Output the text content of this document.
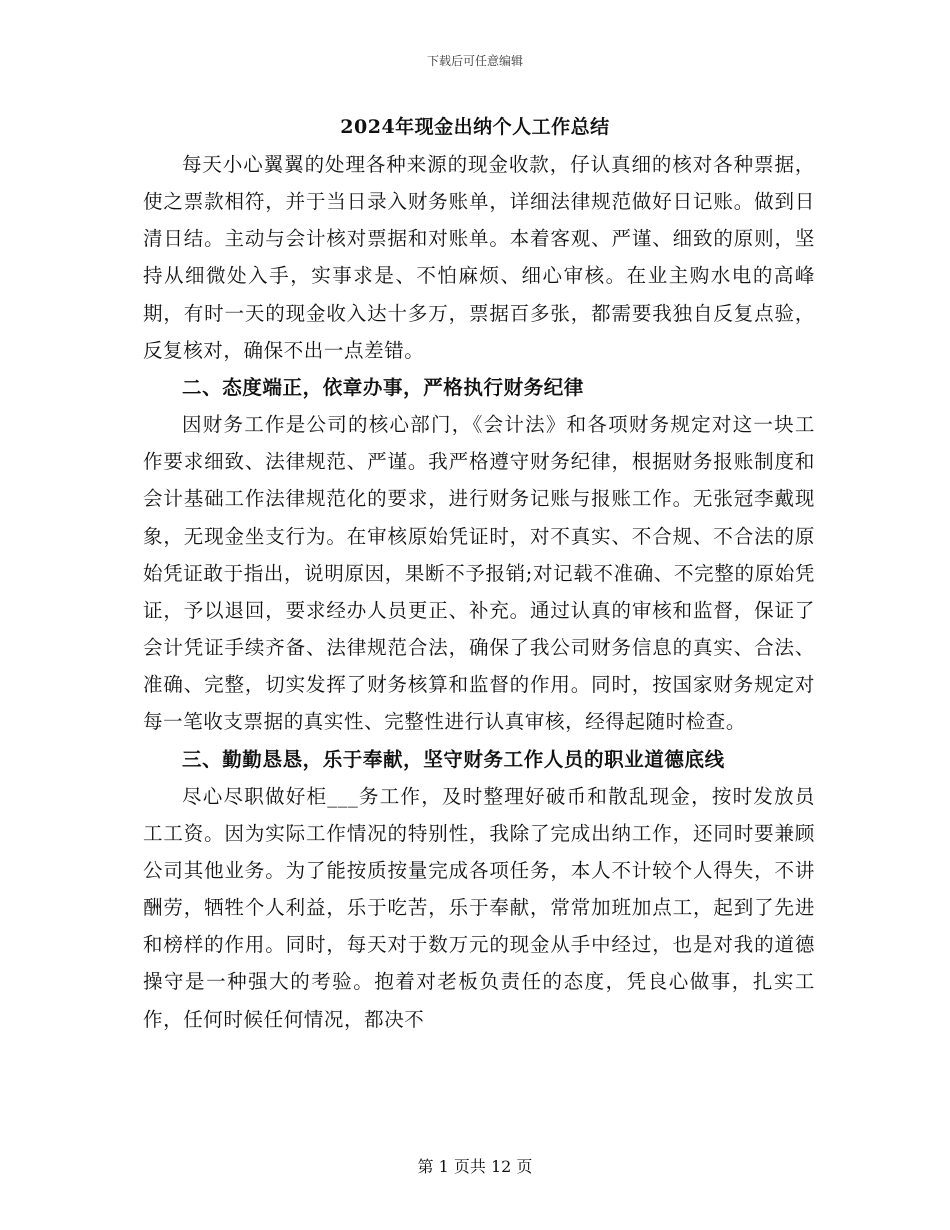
下载后可任意编辑
2024年现金出纳个人工作总结

每天小心翼翼的处理各种来源的现金收款，仔认真细的核对各种票据，使之票款相符，并于当日录入财务账单，详细法律规范做好日记账。做到日清日结。主动与会计核对票据和对账单。本着客观、严谨、细致的原则，坚持从细微处入手，实事求是、不怕麻烦、细心审核。在业主购水电的高峰期，有时一天的现金收入达十多万，票据百多张，都需要我独自反复点验，反复核对，确保不出一点差错。

二、态度端正，依章办事，严格执行财务纪律

因财务工作是公司的核心部门，《会计法》和各项财务规定对这一块工作要求细致、法律规范、严谨。我严格遵守财务纪律，根据财务报账制度和会计基础工作法律规范化的要求，进行财务记账与报账工作。无张冠李戴现象，无现金坐支行为。在审核原始凭证时，对不真实、不合规、不合法的原始凭证敢于指出，说明原因，果断不予报销;对记载不准确、不完整的原始凭证，予以退回，要求经办人员更正、补充。通过认真的审核和监督，保证了会计凭证手续齐备、法律规范合法，确保了我公司财务信息的真实、合法、准确、完整，切实发挥了财务核算和监督的作用。同时，按国家财务规定对每一笔收支票据的真实性、完整性进行认真审核，经得起随时检查。

三、勤勤恳恳，乐于奉献，坚守财务工作人员的职业道德底线

尽心尽职做好柜___务工作，及时整理好破币和散乱现金，按时发放员工工资。因为实际工作情况的特别性，我除了完成出纳工作，还同时要兼顾公司其他业务。为了能按质按量完成各项任务，本人不计较个人得失，不讲酬劳，牺牲个人利益，乐于吃苦，乐于奉献，常常加班加点工，起到了先进和榜样的作用。同时，每天对于数万元的现金从手中经过，也是对我的道德操守是一种强大的考验。抱着对老板负责任的态度，凭良心做事，扎实工作，任何时候任何情况，都决不

第 1 页共 12 页
